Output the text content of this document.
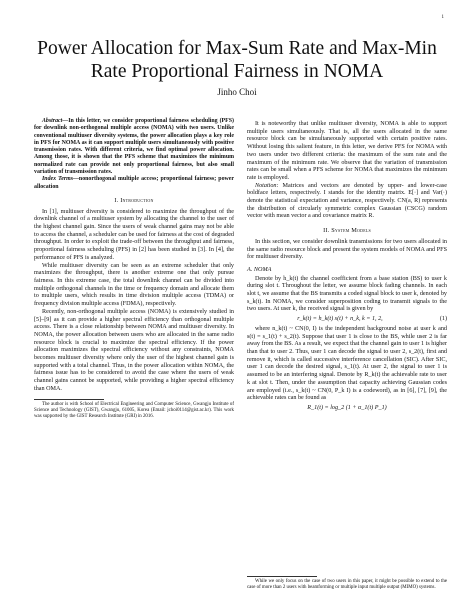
1
Power Allocation for Max-Sum Rate and Max-Min Rate Proportional Fairness in NOMA
Jinho Choi

Abstract—In this letter, we consider proportional fairness scheduling (PFS) for downlink non-orthogonal multiple access (NOMA) with two users. Unlike conventional multiuser diversity systems, the power allocation plays a key role in PFS for NOMA as it can support multiple users simultaneously with positive transmission rates. With different criteria, we find optimal power allocation. Among those, it is shown that the PFS scheme that maximizes the minimum normalized rate can provide not only proportional fairness, but also small variation of transmission rates.

Index Terms—nonorthogonal multiple access; proportional fairness; power allocation

I. Introduction

In [1], multiuser diversity is considered to maximize the throughput of the downlink channel of a multiuser system by allocating the channel to the user of the highest channel gain. Since the users of weak channel gains may not be able to access the channel, a scheduler can be used for fairness at the cost of degraded throughput. In order to exploit the trade-off between the throughput and fairness, proportional fairness scheduling (PFS) in [2] has been studied in [3]. In [4], the performance of PFS is analyzed.

While multiuser diversity can be seen as an extreme scheduler that only maximizes the throughput, there is another extreme one that only pursue fairness. In this extreme case, the total downlink channel can be divided into multiple orthogonal channels in the time or frequency domain and allocate them to multiple users, which results in time division multiple access (TDMA) or frequency division multiple access (FDMA), respectively.

Recently, non-orthogonal multiple access (NOMA) is extensively studied in [5]–[9] as it can provide a higher spectral efficiency than orthogonal multiple access. There is a close relationship between NOMA and multiuser diversity. In NOMA, the power allocation between users who are allocated in the same radio resource block is crucial to maximize the spectral efficiency. If the power allocation maximizes the spectral efficiency without any constraints, NOMA becomes multiuser diversity where only the user of the highest channel gain is supported with a total channel. Thus, in the power allocation within NOMA, the fairness issue has to be considered to avoid the case where the users of weak channel gains cannot be supported, while providing a higher spectral efficiency than OMA.

The author is with School of Electrical Engineering and Computer Science, Gwangju Institute of Science and Technology (GIST), Gwangju, 61005, Korea (Email: jchoi0114@gist.ac.kr). This work was supported by the GIST Research Institute (GRI) in 2016.

It is noteworthy that unlike multiuser diversity, NOMA is able to support multiple users simultaneously. That is, all the users allocated in the same resource block can be simultaneously supported with certain positive rates. Without losing this salient feature, in this letter, we derive PFS for NOMA with two users under two different criteria: the maximum of the sum rate and the maximum of the minimum rate. We observe that the variation of transmission rates can be small when a PFS scheme for NOMA that maximizes the minimum rate is employed.

Notation: Matrices and vectors are denoted by upper- and lower-case boldface letters, respectively. I stands for the identity matrix. E[·] and Var(·) denote the statistical expectation and variance, respectively. CN(a, R) represents the distribution of circularly symmetric complex Gaussian (CSCG) random vector with mean vector a and covariance matrix R.

II. System Models

In this section, we consider downlink transmissions for two users allocated in the same radio resource block and present the system models of NOMA and PFS for multiuser diversity.

A. NOMA

Denote by h_k(t) the channel coefficient from a base station (BS) to user k during slot t. Throughout the letter, we assume block fading channels. In each slot t, we assume that the BS transmits a coded signal block to user k, denoted by s_k(t). In NOMA, we consider superposition coding to transmit signals to the two users. At user k, the received signal is given by

r_k(t) = h_k(t) s(t) + n_k, k = 1, 2,	(1)

where n_k(t) ~ CN(0, I) is the independent background noise at user k and s(t) = s_1(t) + s_2(t). Suppose that user 1 is close to the BS, while user 2 is far away from the BS. As a result, we expect that the channel gain to user 1 is higher than that to user 2. Thus, user 1 can decode the signal to user 2, s_2(t), first and remove it, which is called successive interference cancellation (SIC). After SIC, user 1 can decode the desired signal, s_1(t). At user 2, the signal to user 1 is assumed to be an interfering signal. Denote by R_k(t) the achievable rate to user k at slot t. Then, under the assumption that capacity achieving Gaussian codes are employed (i.e., s_k(t) ~ CN(0, P_k I) is a codeword), as in [6], [7], [9], the achievable rates can be found as

R_1(t) = log_2 (1 + α_1(t) P_1)

While we only focus on the case of two users in this paper, it might be possible to extend to the case of more than 2 users with beamforming or multiple input multiple output (MIMO) systems.
